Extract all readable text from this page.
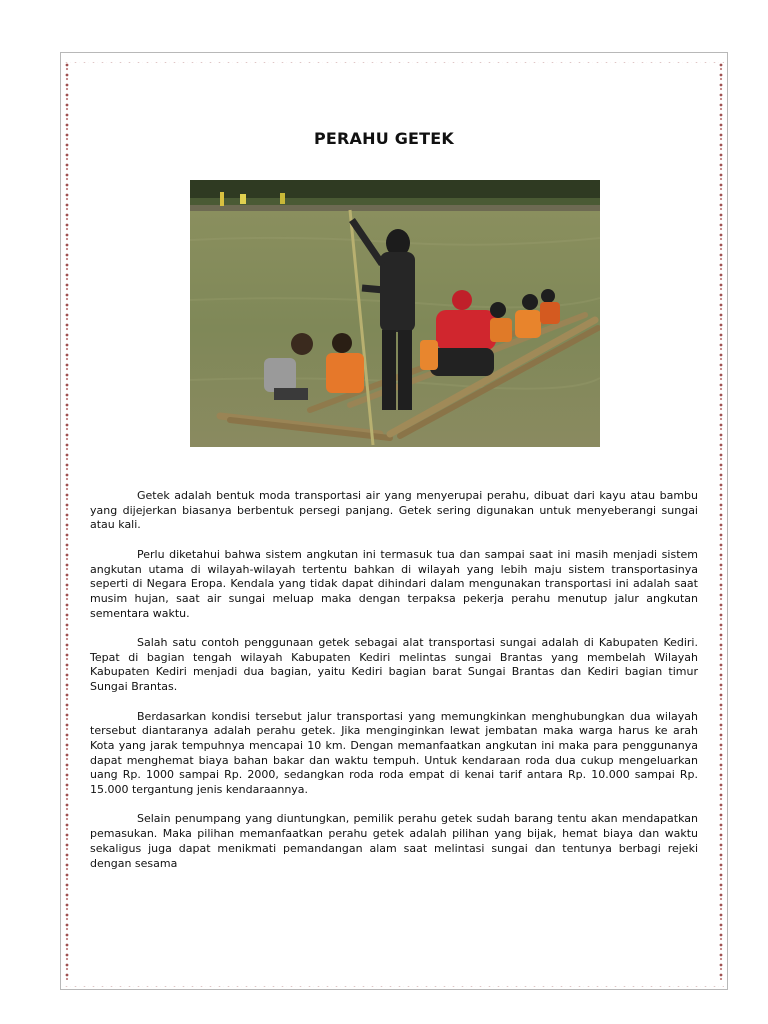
PERAHU GETEK

Getek adalah bentuk moda transportasi air yang menyerupai perahu, dibuat dari kayu atau bambu yang dijejerkan biasanya berbentuk persegi panjang. Getek sering digunakan untuk menyeberangi sungai atau kali.

Perlu diketahui bahwa sistem angkutan ini termasuk tua dan sampai saat ini masih menjadi sistem angkutan utama di wilayah-wilayah tertentu bahkan di wilayah yang lebih maju sistem transportasinya seperti di Negara Eropa. Kendala yang tidak dapat dihindari dalam mengunakan transportasi ini adalah saat musim hujan, saat air sungai meluap maka dengan terpaksa pekerja perahu menutup jalur angkutan sementara waktu.

Salah satu contoh penggunaan getek sebagai alat transportasi sungai adalah di Kabupaten Kediri. Tepat di bagian tengah wilayah Kabupaten Kediri melintas sungai Brantas yang membelah Wilayah Kabupaten Kediri menjadi dua bagian, yaitu Kediri bagian barat Sungai Brantas dan Kediri bagian timur Sungai Brantas.

Berdasarkan kondisi tersebut jalur transportasi yang memungkinkan menghubungkan dua wilayah tersebut diantaranya adalah perahu getek. Jika menginginkan lewat jembatan maka warga harus ke arah Kota yang jarak tempuhnya mencapai 10 km. Dengan memanfaatkan angkutan ini maka para penggunanya dapat menghemat biaya bahan bakar dan waktu tempuh. Untuk kendaraan roda dua cukup mengeluarkan uang Rp. 1000 sampai Rp. 2000, sedangkan roda roda empat di kenai tarif antara Rp. 10.000 sampai Rp. 15.000 tergantung jenis kendaraannya.

Selain penumpang yang diuntungkan, pemilik perahu getek sudah barang tentu akan mendapatkan pemasukan. Maka pilihan memanfaatkan perahu getek adalah pilihan yang bijak, hemat biaya dan waktu sekaligus juga dapat menikmati pemandangan alam saat melintasi sungai dan tentunya berbagi rejeki dengan sesama
